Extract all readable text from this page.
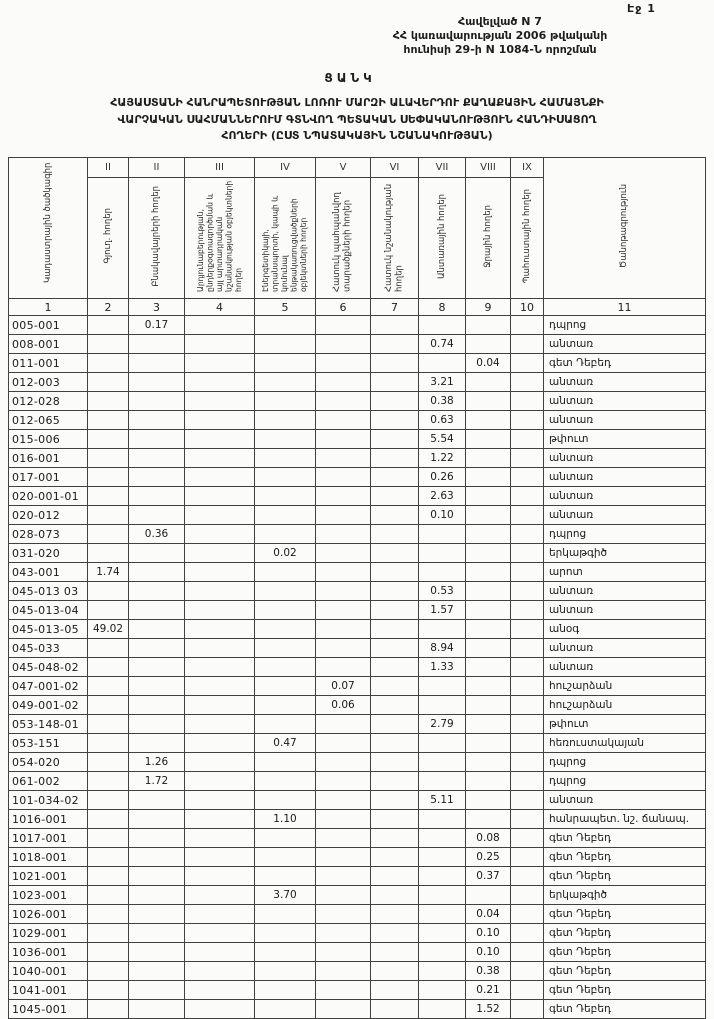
Էջ 1
Հավելված N 7
ՀՀ կառավարության 2006 թվականի
հունիսի 29-ի N 1084-Ն որոշման
ՑԱՆԿ
ՀԱՅԱՍՏԱՆԻ ՀԱՆՐԱՊԵՏՈՒԹՅԱՆ ԼՈՌՈՒ ՄԱՐԶԻ ԱԼԱՎԵՐԴՈՒ ՔԱՂԱՔԱՅԻՆ ՀԱՄԱՅՆՔԻ
ՎԱՐՉԱԿԱՆ ՍԱՀՄԱՆՆԵՐՈՒՄ ԳՏՆՎՈՂ ՊԵՏԱԿԱՆ ՍԵՓԱԿԱՆՈՒԹՅՈՒՆ ՀԱՆԴԻՍԱՑՈՂ
ՀՈՂԵՐԻ (ԸՍՏ ՆՊԱՏԱԿԱՅԻՆ ՆՇԱՆԱԿՈՒԹՅԱՆ)
Կադաստրային ծածկագիր	II	II	III	IV	V	VI	VII	VIII	IX	Ծանոթագրություն
	Գյուղ. հողեր	Բնակավայրերի հողեր	Արդյունաբերության, ընդերքօգտագործման և այլ արտադրական նշանակության օբյեկտների հողեր	Էներգետիկայի, տրանսպորտի, կապի և կոմունալ ենթակառուցվածքների օբյեկտների հողեր	Հատուկ պահպանվող տարածքների հողեր	Հատուկ նշանակության հողեր	Անտառային հողեր	Ջրային հողեր	Պահուստային հողեր	
1	2	3	4	5	6	7	8	9	10	11
005-001		0.17								դպրոց
008-001							0.74			անտառ
011-001								0.04		գետ Դեբեդ
012-003							3.21			անտառ
012-028							0.38			անտառ
012-065							0.63			անտառ
015-006							5.54			թփուտ
016-001							1.22			անտառ
017-001							0.26			անտառ
020-001-01							2.63			անտառ
020-012							0.10			անտառ
028-073		0.36								դպրոց
031-020				0.02						երկաթգիծ
043-001	1.74									արոտ
045-013 03							0.53			անտառ
045-013-04							1.57			անտառ
045-013-05	49.02									անօգ
045-033							8.94			անտառ
045-048-02							1.33			անտառ
047-001-02					0.07					հուշարձան
049-001-02					0.06					հուշարձան
053-148-01							2.79			թփուտ
053-151				0.47						հեռուստակայան
054-020		1.26								դպրոց
061-002		1.72								դպրոց
101-034-02							5.11			անտառ
1016-001				1.10						հանրապետ. նշ. ճանապ.
1017-001								0.08		գետ Դեբեդ
1018-001								0.25		գետ Դեբեդ
1021-001								0.37		գետ Դեբեդ
1023-001				3.70						երկաթգիծ
1026-001								0.04		գետ Դեբեդ
1029-001								0.10		գետ Դեբեդ
1036-001								0.10		գետ Դեբեդ
1040-001								0.38		գետ Դեբեդ
1041-001								0.21		գետ Դեբեդ
1045-001								1.52		գետ Դեբեդ
